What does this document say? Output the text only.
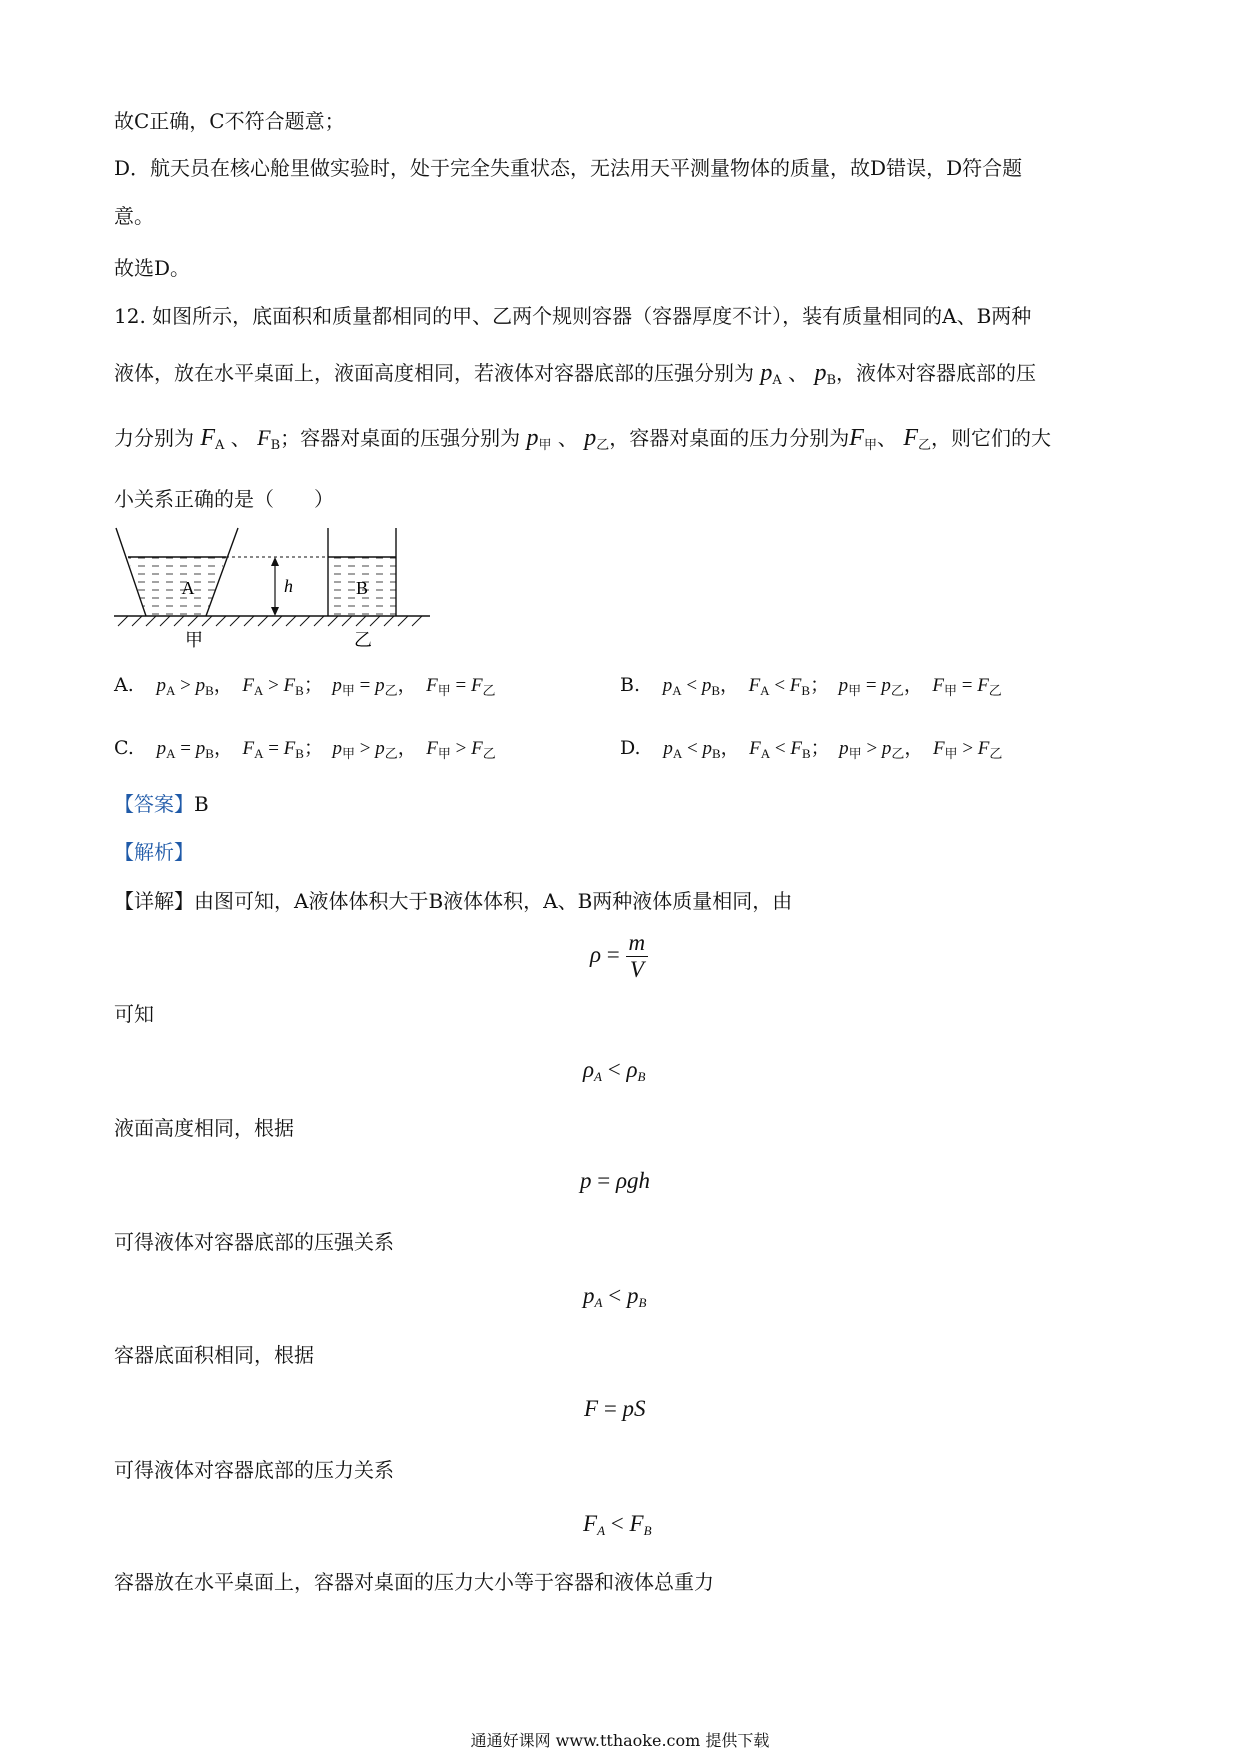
故C正确，C不符合题意；
D．航天员在核心舱里做实验时，处于完全失重状态，无法用天平测量物体的质量，故D错误，D符合题
意。
故选D。
12. 如图所示，底面积和质量都相同的甲、乙两个规则容器（容器厚度不计），装有质量相同的A、B两种
液体，放在水平桌面上，液面高度相同，若液体对容器底部的压强分别为 $p_A$ 、 $p_B$，液体对容器底部的压
力分别为 $F_A$ 、 $F_B$；容器对桌面的压强分别为 $p_甲$ 、 $p_乙$，容器对桌面的压力分别为$F_甲$、 $F_乙$，则它们的大
小关系正确的是（　　）
A	h	B
甲	乙
A. $p_A > p_B$，  $F_A > F_B$；  $p_甲 = p_乙$，  $F_甲 = F_乙$	B. $p_A < p_B$，  $F_A < F_B$；  $p_甲 = p_乙$，  $F_甲 = F_乙$
C. $p_A = p_B$，  $F_A = F_B$；  $p_甲 > p_乙$，  $F_甲 > F_乙$	D. $p_A < p_B$，  $F_A < F_B$；  $p_甲 > p_乙$，  $F_甲 > F_乙$
【答案】B
【解析】
【详解】由图可知，A液体体积大于B液体体积，A、B两种液体质量相同，由
$\rho = \frac{m}{V}$
可知
$\rho_A < \rho_B$
液面高度相同，根据
p = ρgh
可得液体对容器底部的压强关系
$p_A < p_B$
容器底面积相同，根据
F = pS
可得液体对容器底部的压力关系
$F_A < F_B$
容器放在水平桌面上，容器对桌面的压力大小等于容器和液体总重力
通通好课网 www.tthaoke.com 提供下载
